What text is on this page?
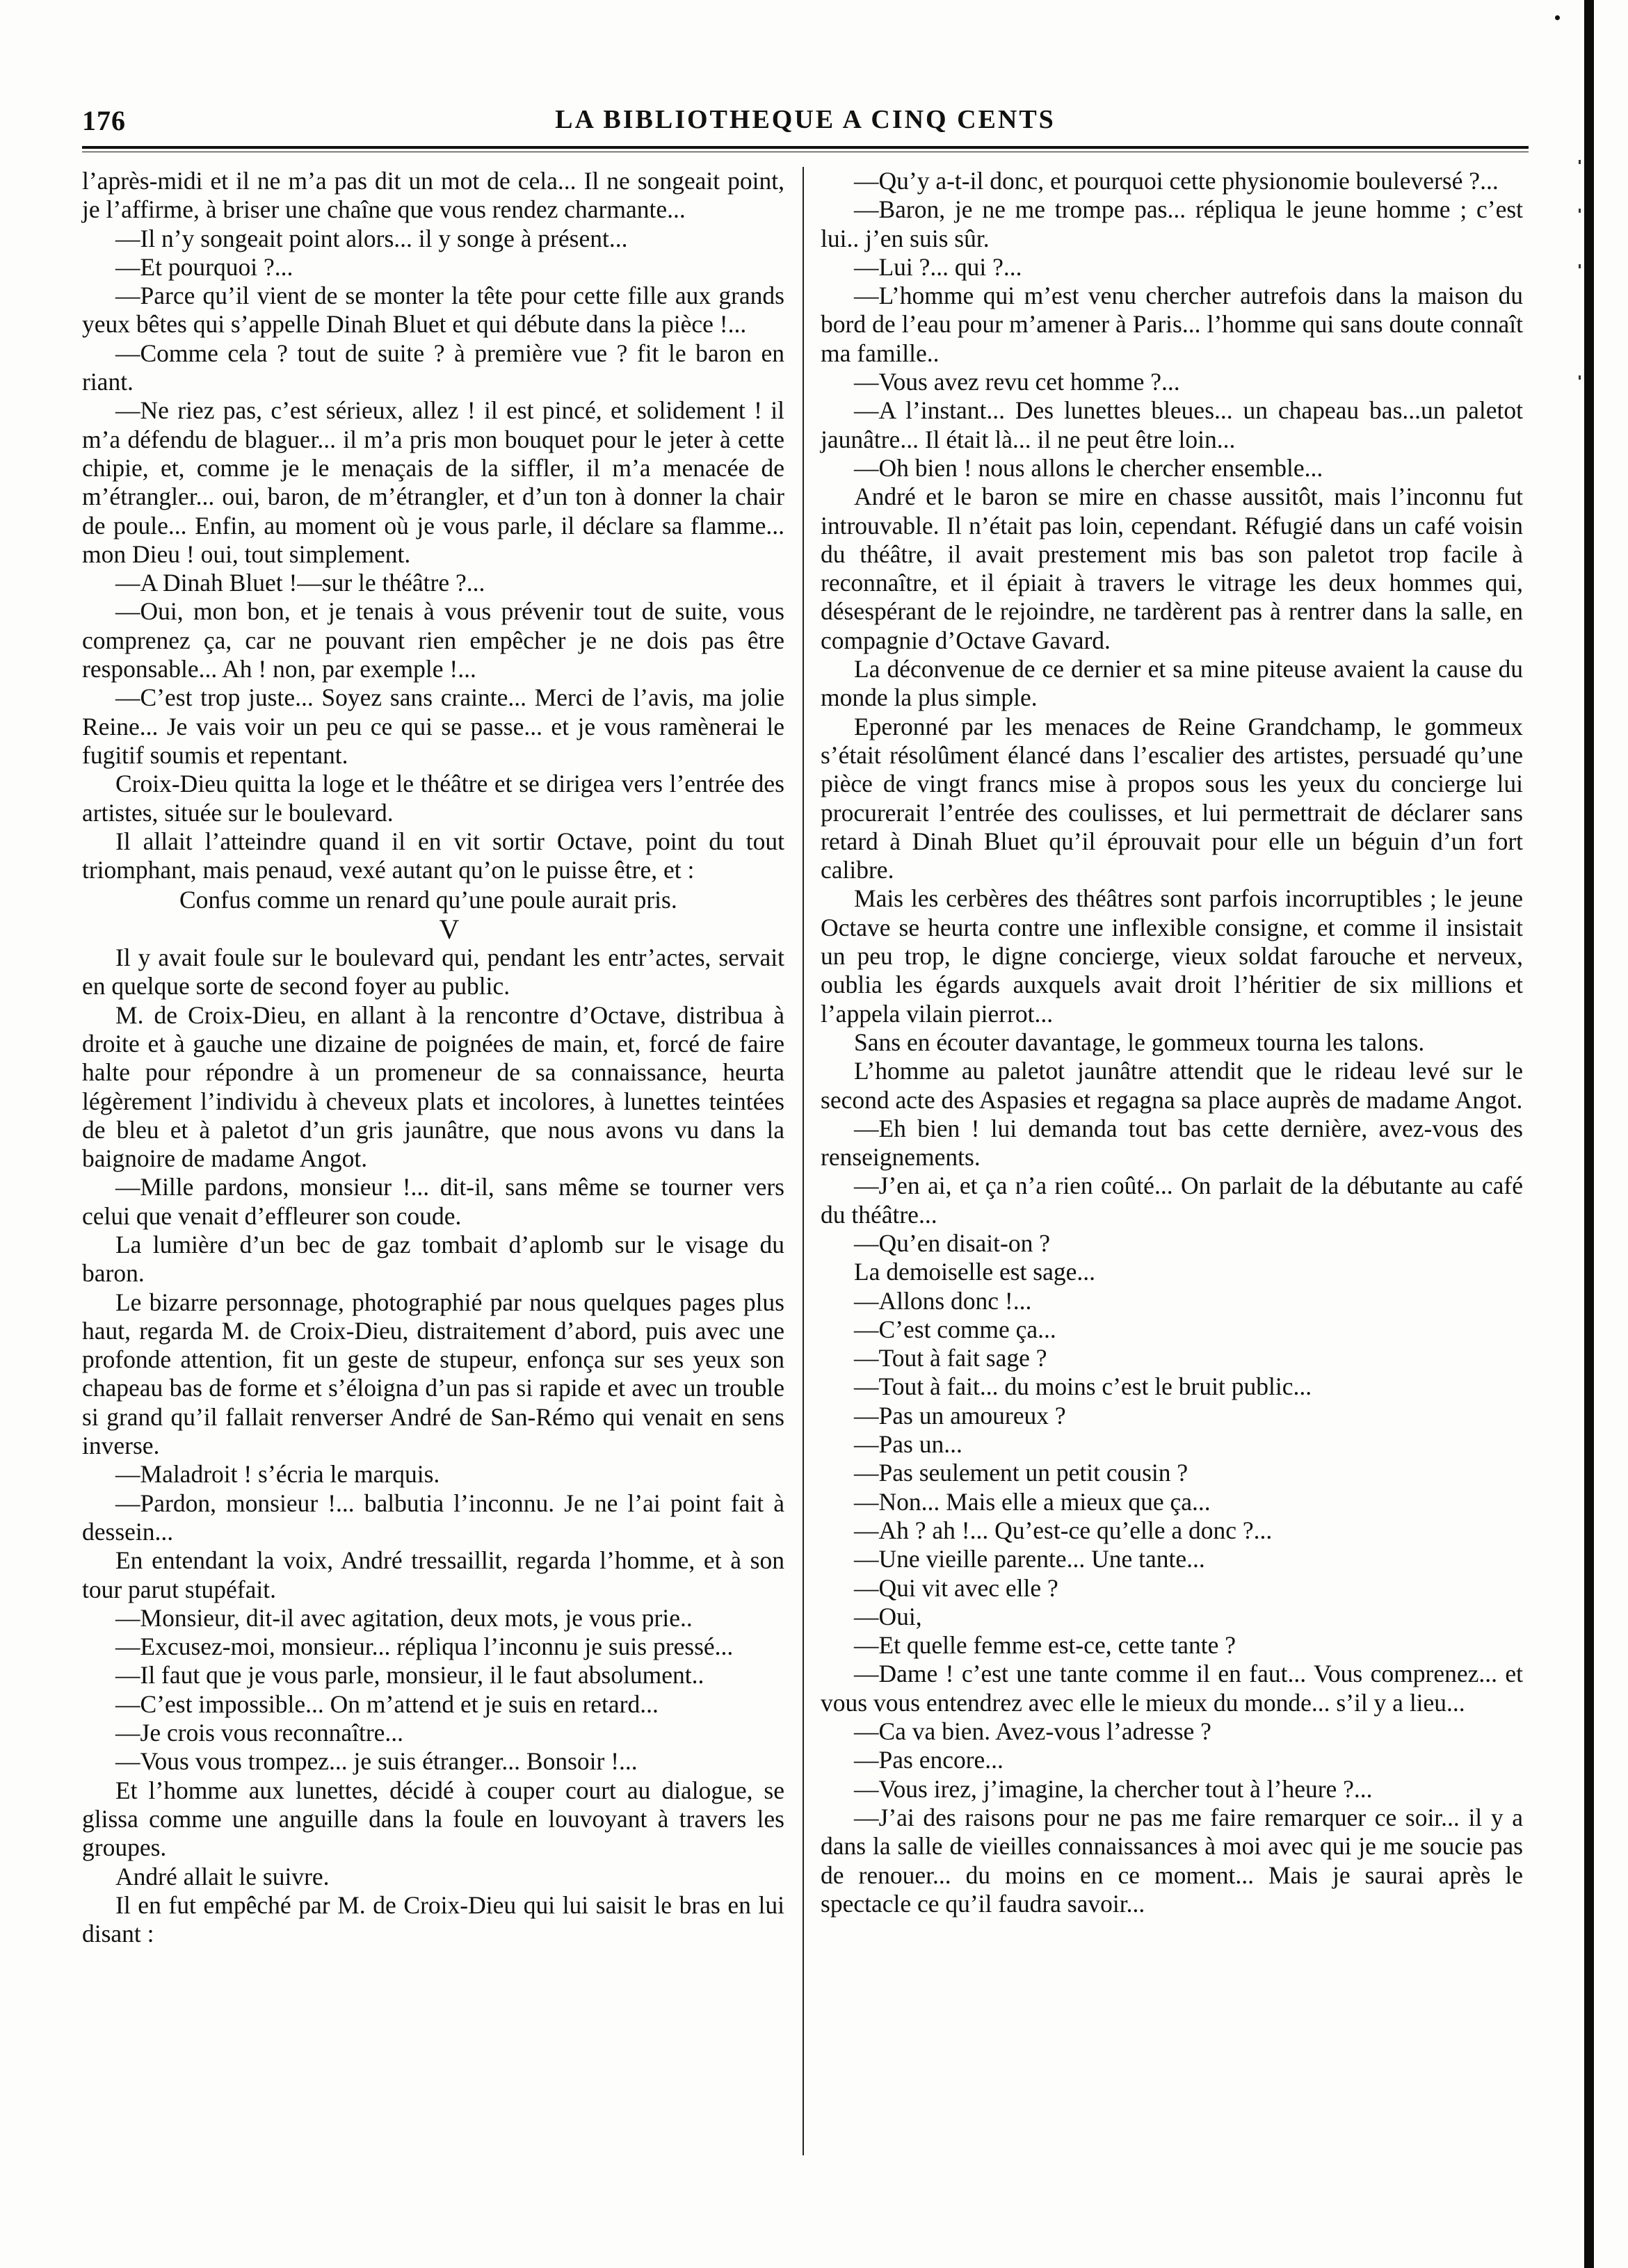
176	LA BIBLIOTHEQUE A CINQ CENTS

l’après-midi et il ne m’a pas dit un mot de cela... Il ne songeait point, je l’affirme, à briser une chaîne que vous rendez charmante...

—Il n’y songeait point alors... il y songe à présent...

—Et pourquoi ?...

—Parce qu’il vient de se monter la tête pour cette fille aux grands yeux bêtes qui s’appelle Dinah Bluet et qui débute dans la pièce !...

—Comme cela ? tout de suite ? à première vue ? fit le baron en riant.

—Ne riez pas, c’est sérieux, allez ! il est pincé, et solidement ! il m’a défendu de blaguer... il m’a pris mon bouquet pour le jeter à cette chipie, et, comme je le menaçais de la siffler, il m’a menacée de m’étrangler... oui, baron, de m’étrangler, et d’un ton à donner la chair de poule... Enfin, au moment où je vous parle, il déclare sa flamme... mon Dieu ! oui, tout simplement.

—A Dinah Bluet !—sur le théâtre ?...

—Oui, mon bon, et je tenais à vous prévenir tout de suite, vous comprenez ça, car ne pouvant rien empêcher je ne dois pas être responsable... Ah ! non, par exemple !...

—C’est trop juste... Soyez sans crainte... Merci de l’avis, ma jolie Reine... Je vais voir un peu ce qui se passe... et je vous ramènerai le fugitif soumis et repentant.

Croix-Dieu quitta la loge et le théâtre et se dirigea vers l’entrée des artistes, située sur le boulevard.

Il allait l’atteindre quand il en vit sortir Octave, point du tout triomphant, mais penaud, vexé autant qu’on le puisse être, et :

Confus comme un renard qu’une poule aurait pris.

V

Il y avait foule sur le boulevard qui, pendant les entr’actes, servait en quelque sorte de second foyer au public.

M. de Croix-Dieu, en allant à la rencontre d’Octave, distribua à droite et à gauche une dizaine de poignées de main, et, forcé de faire halte pour répondre à un promeneur de sa connaissance, heurta légèrement l’individu à cheveux plats et incolores, à lunettes teintées de bleu et à paletot d’un gris jaunâtre, que nous avons vu dans la baignoire de madame Angot.

—Mille pardons, monsieur !... dit-il, sans même se tourner vers celui que venait d’effleurer son coude.

La lumière d’un bec de gaz tombait d’aplomb sur le visage du baron.

Le bizarre personnage, photographié par nous quelques pages plus haut, regarda M. de Croix-Dieu, distraitement d’abord, puis avec une profonde attention, fit un geste de stupeur, enfonça sur ses yeux son chapeau bas de forme et s’éloigna d’un pas si rapide et avec un trouble si grand qu’il fallait renverser André de San-Rémo qui venait en sens inverse.

—Maladroit ! s’écria le marquis.

—Pardon, monsieur !... balbutia l’inconnu. Je ne l’ai point fait à dessein...

En entendant la voix, André tressaillit, regarda l’homme, et à son tour parut stupéfait.

—Monsieur, dit-il avec agitation, deux mots, je vous prie..

—Excusez-moi, monsieur... répliqua l’inconnu je suis pressé...

—Il faut que je vous parle, monsieur, il le faut absolument..

—C’est impossible... On m’attend et je suis en retard...

—Je crois vous reconnaître...

—Vous vous trompez... je suis étranger... Bonsoir !...

Et l’homme aux lunettes, décidé à couper court au dialogue, se glissa comme une anguille dans la foule en louvoyant à travers les groupes.

André allait le suivre.

Il en fut empêché par M. de Croix-Dieu qui lui saisit le bras en lui disant :

—Qu’y a-t-il donc, et pourquoi cette physionomie bouleversé ?...

—Baron, je ne me trompe pas... répliqua le jeune homme ; c’est lui.. j’en suis sûr.

—Lui ?... qui ?...

—L’homme qui m’est venu chercher autrefois dans la maison du bord de l’eau pour m’amener à Paris... l’homme qui sans doute connaît ma famille..

—Vous avez revu cet homme ?...

—A l’instant... Des lunettes bleues... un chapeau bas...un paletot jaunâtre... Il était là... il ne peut être loin...

—Oh bien ! nous allons le chercher ensemble...

André et le baron se mire en chasse aussitôt, mais l’inconnu fut introuvable. Il n’était pas loin, cependant. Réfugié dans un café voisin du théâtre, il avait prestement mis bas son paletot trop facile à reconnaître, et il épiait à travers le vitrage les deux hommes qui, désespérant de le rejoindre, ne tardèrent pas à rentrer dans la salle, en compagnie d’Octave Gavard.

La déconvenue de ce dernier et sa mine piteuse avaient la cause du monde la plus simple.

Eperonné par les menaces de Reine Grandchamp, le gommeux s’était résolûment élancé dans l’escalier des artistes, persuadé qu’une pièce de vingt francs mise à propos sous les yeux du concierge lui procurerait l’entrée des coulisses, et lui permettrait de déclarer sans retard à Dinah Bluet qu’il éprouvait pour elle un béguin d’un fort calibre.

Mais les cerbères des théâtres sont parfois incorruptibles ; le jeune Octave se heurta contre une inflexible consigne, et comme il insistait un peu trop, le digne concierge, vieux soldat farouche et nerveux, oublia les égards auxquels avait droit l’héritier de six millions et l’appela vilain pierrot...

Sans en écouter davantage, le gommeux tourna les talons.

L’homme au paletot jaunâtre attendit que le rideau levé sur le second acte des Aspasies et regagna sa place auprès de madame Angot.

—Eh bien ! lui demanda tout bas cette dernière, avez-vous des renseignements.

—J’en ai, et ça n’a rien coûté... On parlait de la débutante au café du théâtre...

—Qu’en disait-on ?

La demoiselle est sage...

—Allons donc !...

—C’est comme ça...

—Tout à fait sage ?

—Tout à fait... du moins c’est le bruit public...

—Pas un amoureux ?

—Pas un...

—Pas seulement un petit cousin ?

—Non... Mais elle a mieux que ça...

—Ah ? ah !... Qu’est-ce qu’elle a donc ?...

—Une vieille parente... Une tante...

—Qui vit avec elle ?

—Oui,

—Et quelle femme est-ce, cette tante ?

—Dame ! c’est une tante comme il en faut... Vous comprenez... et vous vous entendrez avec elle le mieux du monde... s’il y a lieu...

—Ca va bien. Avez-vous l’adresse ?

—Pas encore...

—Vous irez, j’imagine, la chercher tout à l’heure ?...

—J’ai des raisons pour ne pas me faire remarquer ce soir... il y a dans la salle de vieilles connaissances à moi avec qui je me soucie pas de renouer... du moins en ce moment... Mais je saurai après le spectacle ce qu’il faudra savoir...
